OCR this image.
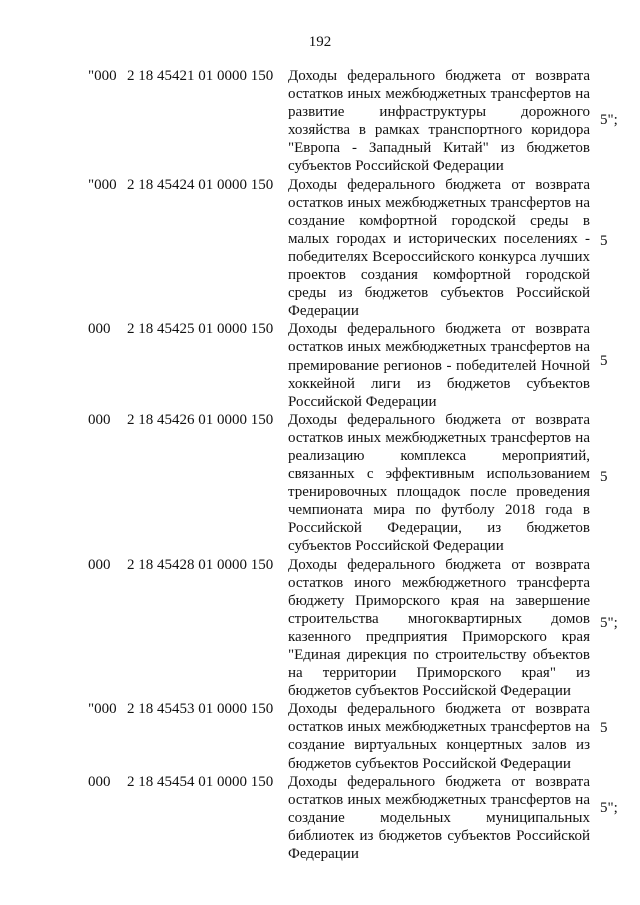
192
"000 2 18 45421 01 0000 150 Доходы федерального бюджета от возврата остатков иных межбюджетных трансфертов на развитие инфраструктуры дорожного хозяйства в рамках транспортного коридора "Европа - Западный Китай" из бюджетов субъектов Российской Федерации
5";
"000 2 18 45424 01 0000 150 Доходы федерального бюджета от возврата остатков иных межбюджетных трансфертов на создание комфортной городской среды в малых городах и исторических поселениях - победителях Всероссийского конкурса лучших проектов создания комфортной городской среды из бюджетов субъектов Российской Федерации
5
000	2 18 45425 01 0000 150 Доходы федерального бюджета от возврата остатков иных межбюджетных трансфертов на премирование регионов - победителей Ночной хоккейной лиги из бюджетов субъектов Российской Федерации
5
000	2 18 45426 01 0000 150 Доходы федерального бюджета от возврата остатков иных межбюджетных трансфертов на реализацию комплекса мероприятий, связанных с эффективным использованием тренировочных площадок после проведения чемпионата мира по футболу 2018 года в Российской Федерации, из бюджетов субъектов Российской Федерации
5
000	2 18 45428 01 0000 150 Доходы федерального бюджета от возврата остатков иного межбюджетного трансферта бюджету Приморского края на завершение строительства многоквартирных домов казенного предприятия Приморского края "Единая дирекция по строительству объектов на территории Приморского края" из бюджетов субъектов Российской Федерации
5";
"000 2 18 45453 01 0000 150 Доходы федерального бюджета от возврата остатков иных межбюджетных трансфертов на создание виртуальных концертных залов из бюджетов субъектов Российской Федерации
5
000	2 18 45454 01 0000 150 Доходы федерального бюджета от возврата остатков иных межбюджетных трансфертов на создание модельных муниципальных библиотек из бюджетов субъектов Российской Федерации
5";
